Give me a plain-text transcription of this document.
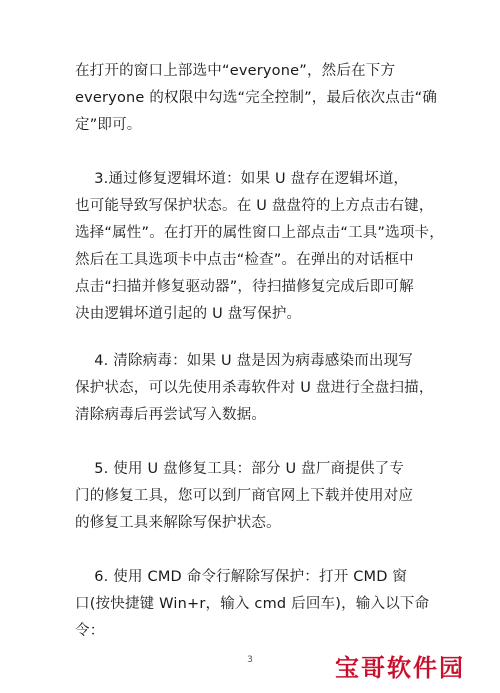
在打开的窗口上部选中“everyone”，然后在下方
everyone 的权限中勾选“完全控制”，最后依次点击“确
定”即可。
3.通过修复逻辑坏道：如果 U 盘存在逻辑坏道，
也可能导致写保护状态。在 U 盘盘符的上方点击右键，
选择“属性”。在打开的属性窗口上部点击“工具”选项卡，
然后在工具选项卡中点击“检查”。在弹出的对话框中
点击“扫描并修复驱动器”，待扫描修复完成后即可解
决由逻辑坏道引起的 U 盘写保护。
4. 清除病毒：如果 U 盘是因为病毒感染而出现写
保护状态，可以先使用杀毒软件对 U 盘进行全盘扫描，
清除病毒后再尝试写入数据。
5. 使用 U 盘修复工具：部分 U 盘厂商提供了专
门的修复工具，您可以到厂商官网上下载并使用对应
的修复工具来解除写保护状态。
6. 使用 CMD 命令行解除写保护：打开 CMD 窗
口(按快捷键 Win+r，输入 cmd 后回车)，输入以下命
令：
3	宝哥软件园
